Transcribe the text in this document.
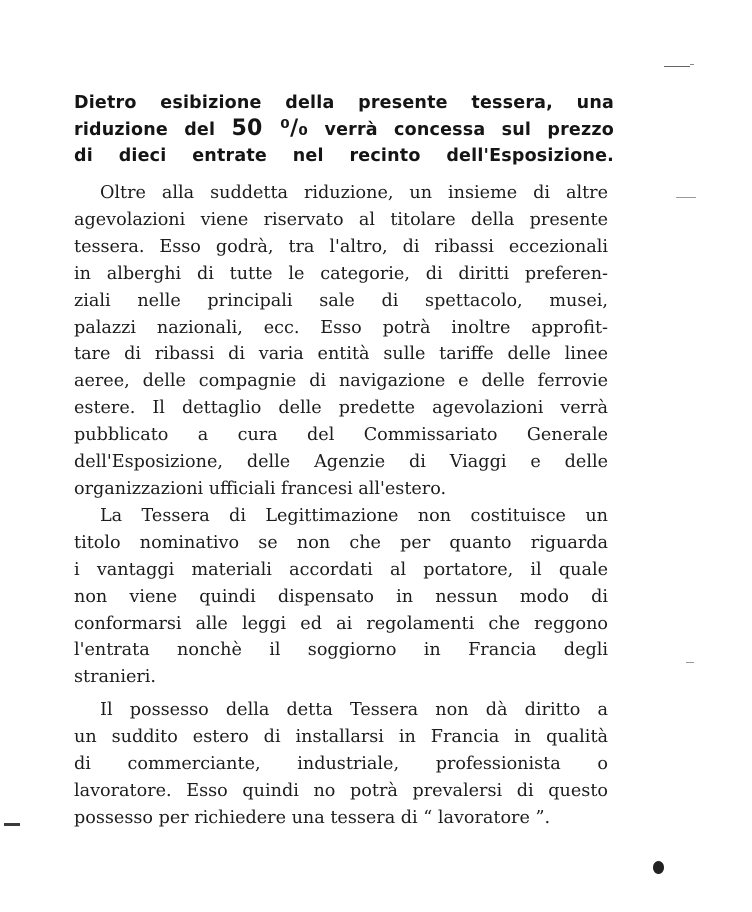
Dietro esibizione della presente tessera, una
riduzione del 50 ⁰/₀ verrà concessa sul prezzo
di dieci entrate nel recinto dell'Esposizione.
Oltre alla suddetta riduzione, un insieme di altre
agevolazioni viene riservato al titolare della presente
tessera. Esso godrà, tra l'altro, di ribassi eccezionali
in alberghi di tutte le categorie, di diritti preferen-
ziali nelle principali sale di spettacolo, musei,
palazzi nazionali, ecc. Esso potrà inoltre approfit-
tare di ribassi di varia entità sulle tariffe delle linee
aeree, delle compagnie di navigazione e delle ferrovie
estere. Il dettaglio delle predette agevolazioni verrà
pubblicato a cura del Commissariato Generale
dell'Esposizione, delle Agenzie di Viaggi e delle
organizzazioni ufficiali francesi all'estero.
La Tessera di Legittimazione non costituisce un
titolo nominativo se non che per quanto riguarda
i vantaggi materiali accordati al portatore, il quale
non viene quindi dispensato in nessun modo di
conformarsi alle leggi ed ai regolamenti che reggono
l'entrata nonchè il soggiorno in Francia degli
stranieri.
Il possesso della detta Tessera non dà diritto a
un suddito estero di installarsi in Francia in qualità
di commerciante, industriale, professionista o
lavoratore. Esso quindi no potrà prevalersi di questo
possesso per richiedere una tessera di “ lavoratore ”.
